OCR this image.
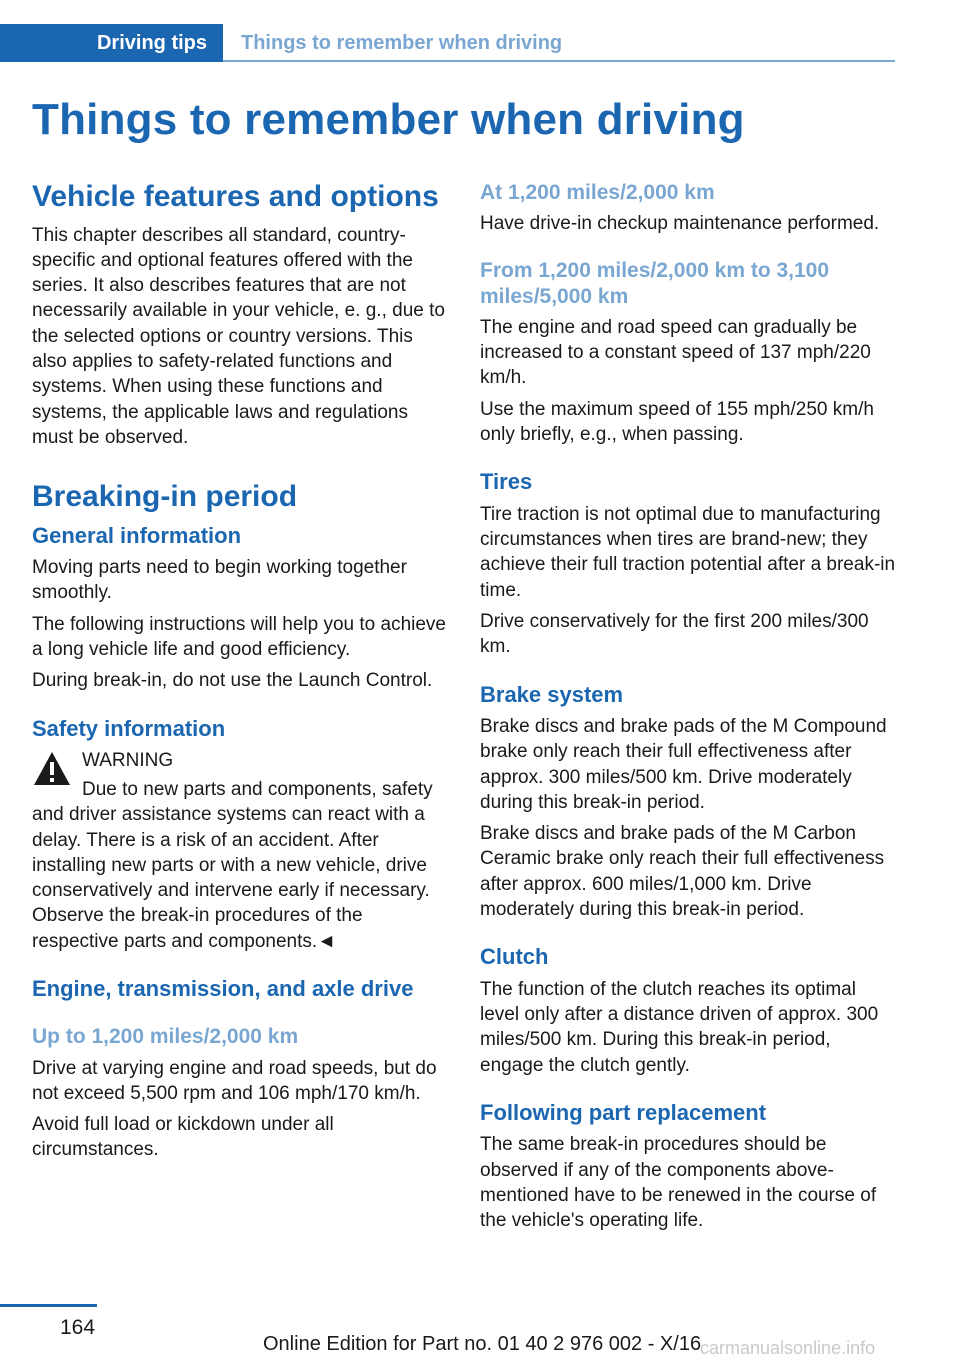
Driving tips	Things to remember when driving
Things to remember when driving
Vehicle features and options

This chapter describes all standard, country-specific and optional features offered with the series. It also describes features that are not necessarily available in your vehicle, e. g., due to the selected options or country versions. This also applies to safety-related functions and systems. When using these functions and systems, the applicable laws and regulations must be observed.

Breaking-in period
General information

Moving parts need to begin working together smoothly.

The following instructions will help you to achieve a long vehicle life and good efficiency.

During break-in, do not use the Launch Control.

Safety information
WARNING

Due to new parts and components, safety and driver assistance systems can react with a delay. There is a risk of an accident. After installing new parts or with a new vehicle, drive conservatively and intervene early if necessary. Observe the break-in procedures of the respective parts and components.◄

Engine, transmission, and axle drive
Up to 1,200 miles/2,000 km

Drive at varying engine and road speeds, but do not exceed 5,500 rpm and 106 mph/170 km/h.

Avoid full load or kickdown under all circumstances.

At 1,200 miles/2,000 km

Have drive-in checkup maintenance performed.

From 1,200 miles/2,000 km to 3,100 miles/5,000 km

The engine and road speed can gradually be increased to a constant speed of 137 mph/220 km/h.

Use the maximum speed of 155 mph/250 km/h only briefly, e.g., when passing.

Tires

Tire traction is not optimal due to manufacturing circumstances when tires are brand-new; they achieve their full traction potential after a break-in time.

Drive conservatively for the first 200 miles/300 km.

Brake system

Brake discs and brake pads of the M Compound brake only reach their full effectiveness after approx. 300 miles/500 km. Drive moderately during this break-in period.

Brake discs and brake pads of the M Carbon Ceramic brake only reach their full effectiveness after approx. 600 miles/1,000 km. Drive moderately during this break-in period.

Clutch

The function of the clutch reaches its optimal level only after a distance driven of approx. 300 miles/500 km. During this break-in period, engage the clutch gently.

Following part replacement

The same break-in procedures should be observed if any of the components above-mentioned have to be renewed in the course of the vehicle's operating life.

164
Online Edition for Part no. 01 40 2 976 002 - X/16
carmanualsonline.info
